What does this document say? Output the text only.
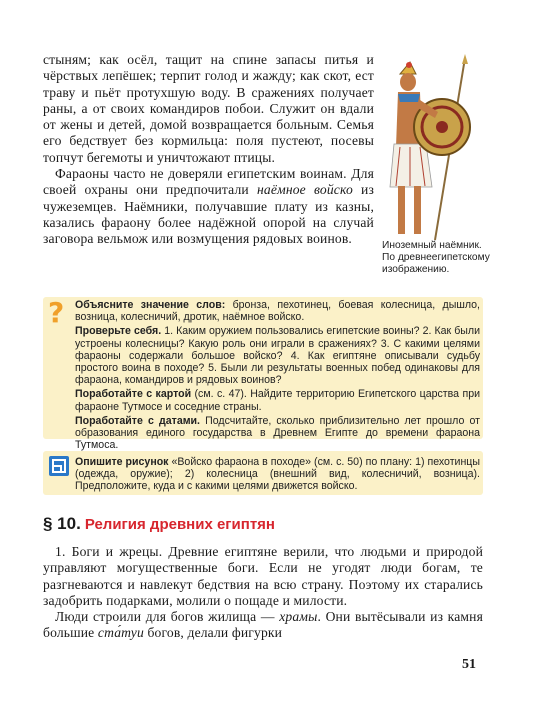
стыням; как осёл, тащит на спине запасы питья и чёрствых лепёшек; терпит голод и жажду; как скот, ест траву и пьёт протухшую воду. В сражениях получает раны, а от своих командиров побои. Служит он вдали от жены и детей, домой возвращается больным. Семья его бедствует без кормильца: поля пустеют, посевы топчут бегемоты и уничтожают птицы.

Фараоны часто не доверяли египетским воинам. Для своей охраны они предпочитали наёмное войско из чужеземцев. Наёмники, получавшие плату из казны, казались фараону более надёжной опорой на случай заговора вельмож или возмущения рядовых воинов.	Иноземный наёмник. По древнеегипетскому изображению.
?	Объясните значение слов: бронза, пехотинец, боевая колесница, дышло, возница, колесничий, дротик, наёмное войско.

Проверьте себя. 1. Каким оружием пользовались египетские воины? 2. Как были устроены колесницы? Какую роль они играли в сражениях? 3. С какими целями фараоны содержали большое войско? 4. Как египтяне описывали судьбу простого воина в походе? 5. Были ли результаты военных побед одинаковы для фараона, командиров и рядовых воинов?

Поработайте с картой (см. с. 47). Найдите территорию Египетского царства при фараоне Тутмосе и соседние страны.

Поработайте с датами. Подсчитайте, сколько приблизительно лет прошло от образования единого государства в Древнем Египте до времени фараона Тутмоса.

Опишите рисунок «Войско фараона в походе» (см. с. 50) по плану: 1) пехотинцы (одежда, оружие); 2) колесница (внешний вид, колесничий, возница). Предположите, куда и с какими целями движется войско.
§ 10. Религия древних египтян

1. Боги и жрецы. Древние египтяне верили, что людьми и природой управляют могущественные боги. Если не угодят люди богам, те разгневаются и навлекут бедствия на всю страну. Поэтому их старались задобрить подарками, молили о пощаде и милости.

Люди строили для богов жилища — храмы. Они вытёсывали из камня большие ста́туи богов, делали фигурки

51
